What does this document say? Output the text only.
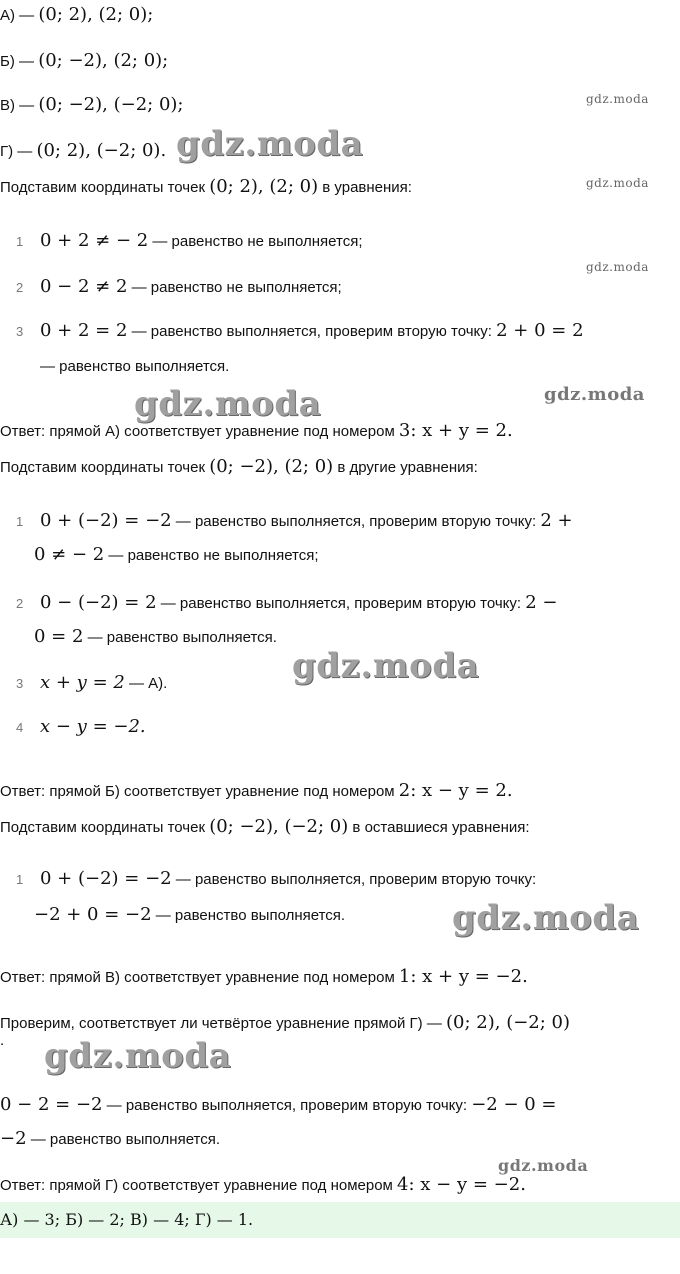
А) — (0; 2), (2; 0);
Б) — (0; −2), (2; 0);
В) — (0; −2), (−2; 0);
Г) — (0; 2), (−2; 0).
Подставим координаты точек (0; 2), (2; 0) в уравнения:
1 0 + 2 ≠ − 2 — равенство не выполняется;
2 0 − 2 ≠ 2 — равенство не выполняется;
3 0 + 2 = 2 — равенство выполняется, проверим вторую точку: 2 + 0 = 2
— равенство выполняется.
Ответ: прямой А) соответствует уравнение под номером 3: x + y = 2.
Подставим координаты точек (0; −2), (2; 0) в другие уравнения:
1 0 + (−2) = −2 — равенство выполняется, проверим вторую точку: 2 +
0 ≠ − 2 — равенство не выполняется;
2 0 − (−2) = 2 — равенство выполняется, проверим вторую точку: 2 −
0 = 2 — равенство выполняется.
3 x + y = 2 — А).
4 x − y = −2.
Ответ: прямой Б) соответствует уравнение под номером 2: x − y = 2.
Подставим координаты точек (0; −2), (−2; 0) в оставшиеся уравнения:
1 0 + (−2) = −2 — равенство выполняется, проверим вторую точку:
−2 + 0 = −2 — равенство выполняется.
Ответ: прямой В) соответствует уравнение под номером 1: x + y = −2.
Проверим, соответствует ли четвёртое уравнение прямой Г) — (0; 2), (−2; 0)
.
0 − 2 = −2 — равенство выполняется, проверим вторую точку: −2 − 0 =
−2 — равенство выполняется.
Ответ: прямой Г) соответствует уравнение под номером 4: x − y = −2.
А) — 3; Б) — 2; В) — 4; Г) — 1.
gdz.moda
gdz.moda
gdz.moda
gdz.moda
gdz.moda	gdz.moda
gdz.moda
gdz.moda
gdz.moda
gdz.moda
